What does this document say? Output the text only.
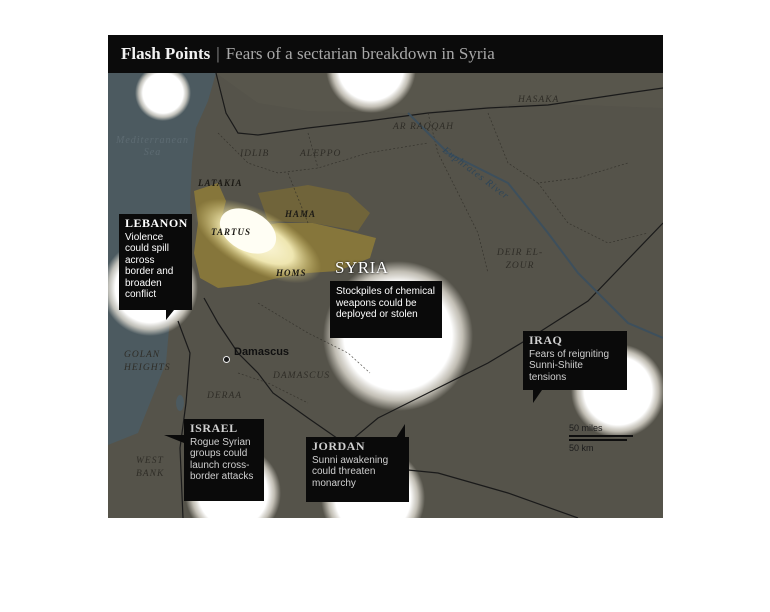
Flash Points | Fears of a sectarian breakdown in Syria
Mediterranean
Sea	Euphrates River
HASAKA
AR RAQQAH
IDLIB	ALEPPO
LATAKIA
HAMA
TARTUS
HOMS
DEIR EL-ZOUR
GOLAN HEIGHTS
DAMASCUS
DERAA
WEST BANK
Damascus
SYRIA
LEBANON
Violence could spill across border and broaden conflict	Stockpiles of chemical weapons could be deployed or stolen
IRAQ
Fears of reigniting Sunni-Shiite tensions
ISRAEL
Rogue Syrian groups could launch cross-border attacks
JORDAN
Sunni awakening could threaten monarchy
50 miles
50 km
